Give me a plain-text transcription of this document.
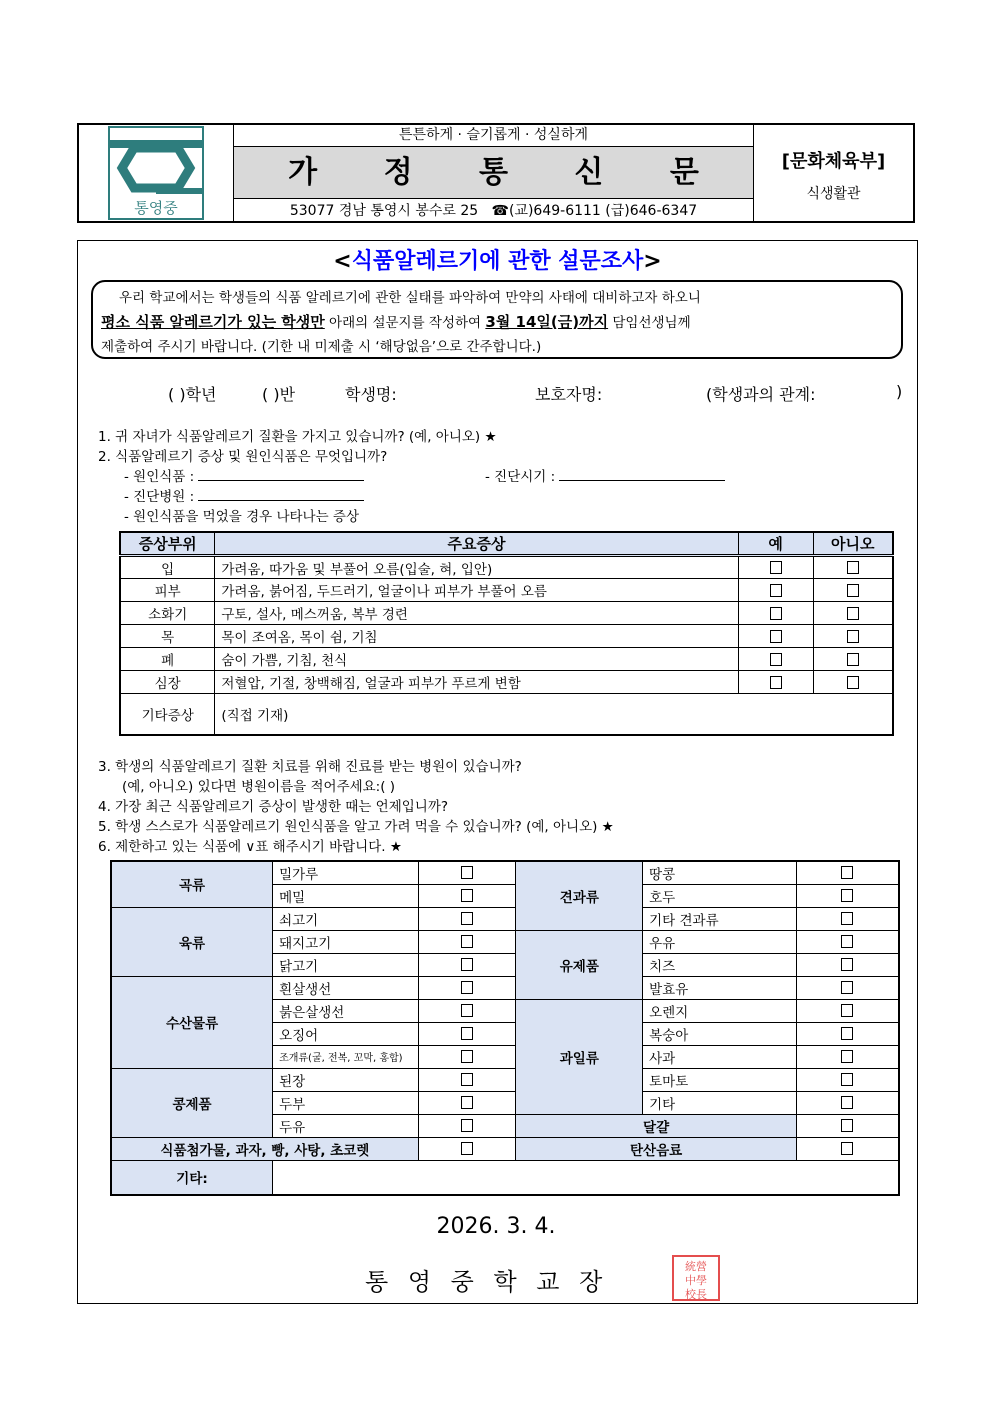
통영중
튼튼하게 · 슬기롭게 · 성실하게
가 정 통 신 문
53077 경남 통영시 봉수로 25 ☎(교)649-6111 (급)646-6347
[문화체육부]
식생활관
<식품알레르기에 관한 설문조사>
우리 학교에서는 학생들의 식품 알레르기에 관한 실태를 파악하여 만약의 사태에 대비하고자 하오니
평소 식품 알레르기가 있는 학생만 아래의 설문지를 작성하여 3월 14일(금)까지 담임선생님께
제출하여 주시기 바랍니다. (기한 내 미제출 시 ‘해당없음’으로 간주합니다.)
( )학년	( )반	학생명:	보호자명:	(학생과의 관계:	)
1. 귀 자녀가 식품알레르기 질환을 가지고 있습니까? (예, 아니오) ★
2. 식품알레르기 증상 및 원인식품은 무엇입니까?
- 원인식품 :	- 진단시기 :
- 진단병원 :
- 원인식품을 먹었을 경우 나타나는 증상
증상부위	주요증상	예	아니오
입	가려움, 따가움 및 부풀어 오름(입술, 혀, 입안)		
피부	가려움, 붉어짐, 두드러기, 얼굴이나 피부가 부풀어 오름		
소화기	구토, 설사, 메스꺼움, 복부 경련		
목	목이 조여옴, 목이 쉼, 기침		
폐	숨이 가쁨, 기침, 천식		
심장	저혈압, 기절, 창백해짐, 얼굴과 피부가 푸르게 변함		
기타증상	(직접 기재)		
3. 학생의 식품알레르기 질환 치료를 위해 진료를 받는 병원이 있습니까?
(예, 아니오) 있다면 병원이름을 적어주세요:( )
4. 가장 최근 식품알레르기 증상이 발생한 때는 언제입니까?
5. 학생 스스로가 식품알레르기 원인식품을 알고 가려 먹을 수 있습니까? (예, 아니오) ★
6. 제한하고 있는 식품에 ∨표 해주시기 바랍니다. ★
곡류	밀가루		견과류	땅콩	
	메밀			호두	
육류	쇠고기			기타 견과류	
	돼지고기		유제품	우유	
	닭고기			치즈	
수산물류	흰살생선			발효유	
	붉은살생선		과일류	오렌지	
	오징어			복숭아	
	조개류(굴, 전복, 꼬막, 홍합)			사과	
콩제품	된장			토마토	
	두부			기타	
	두유		달걀		
식품첨가물, 과자, 빵, 사탕, 초코렛			탄산음료		
기타:					
2026. 3. 4.
통 영 중 학 교 장
統營
中學
校長
